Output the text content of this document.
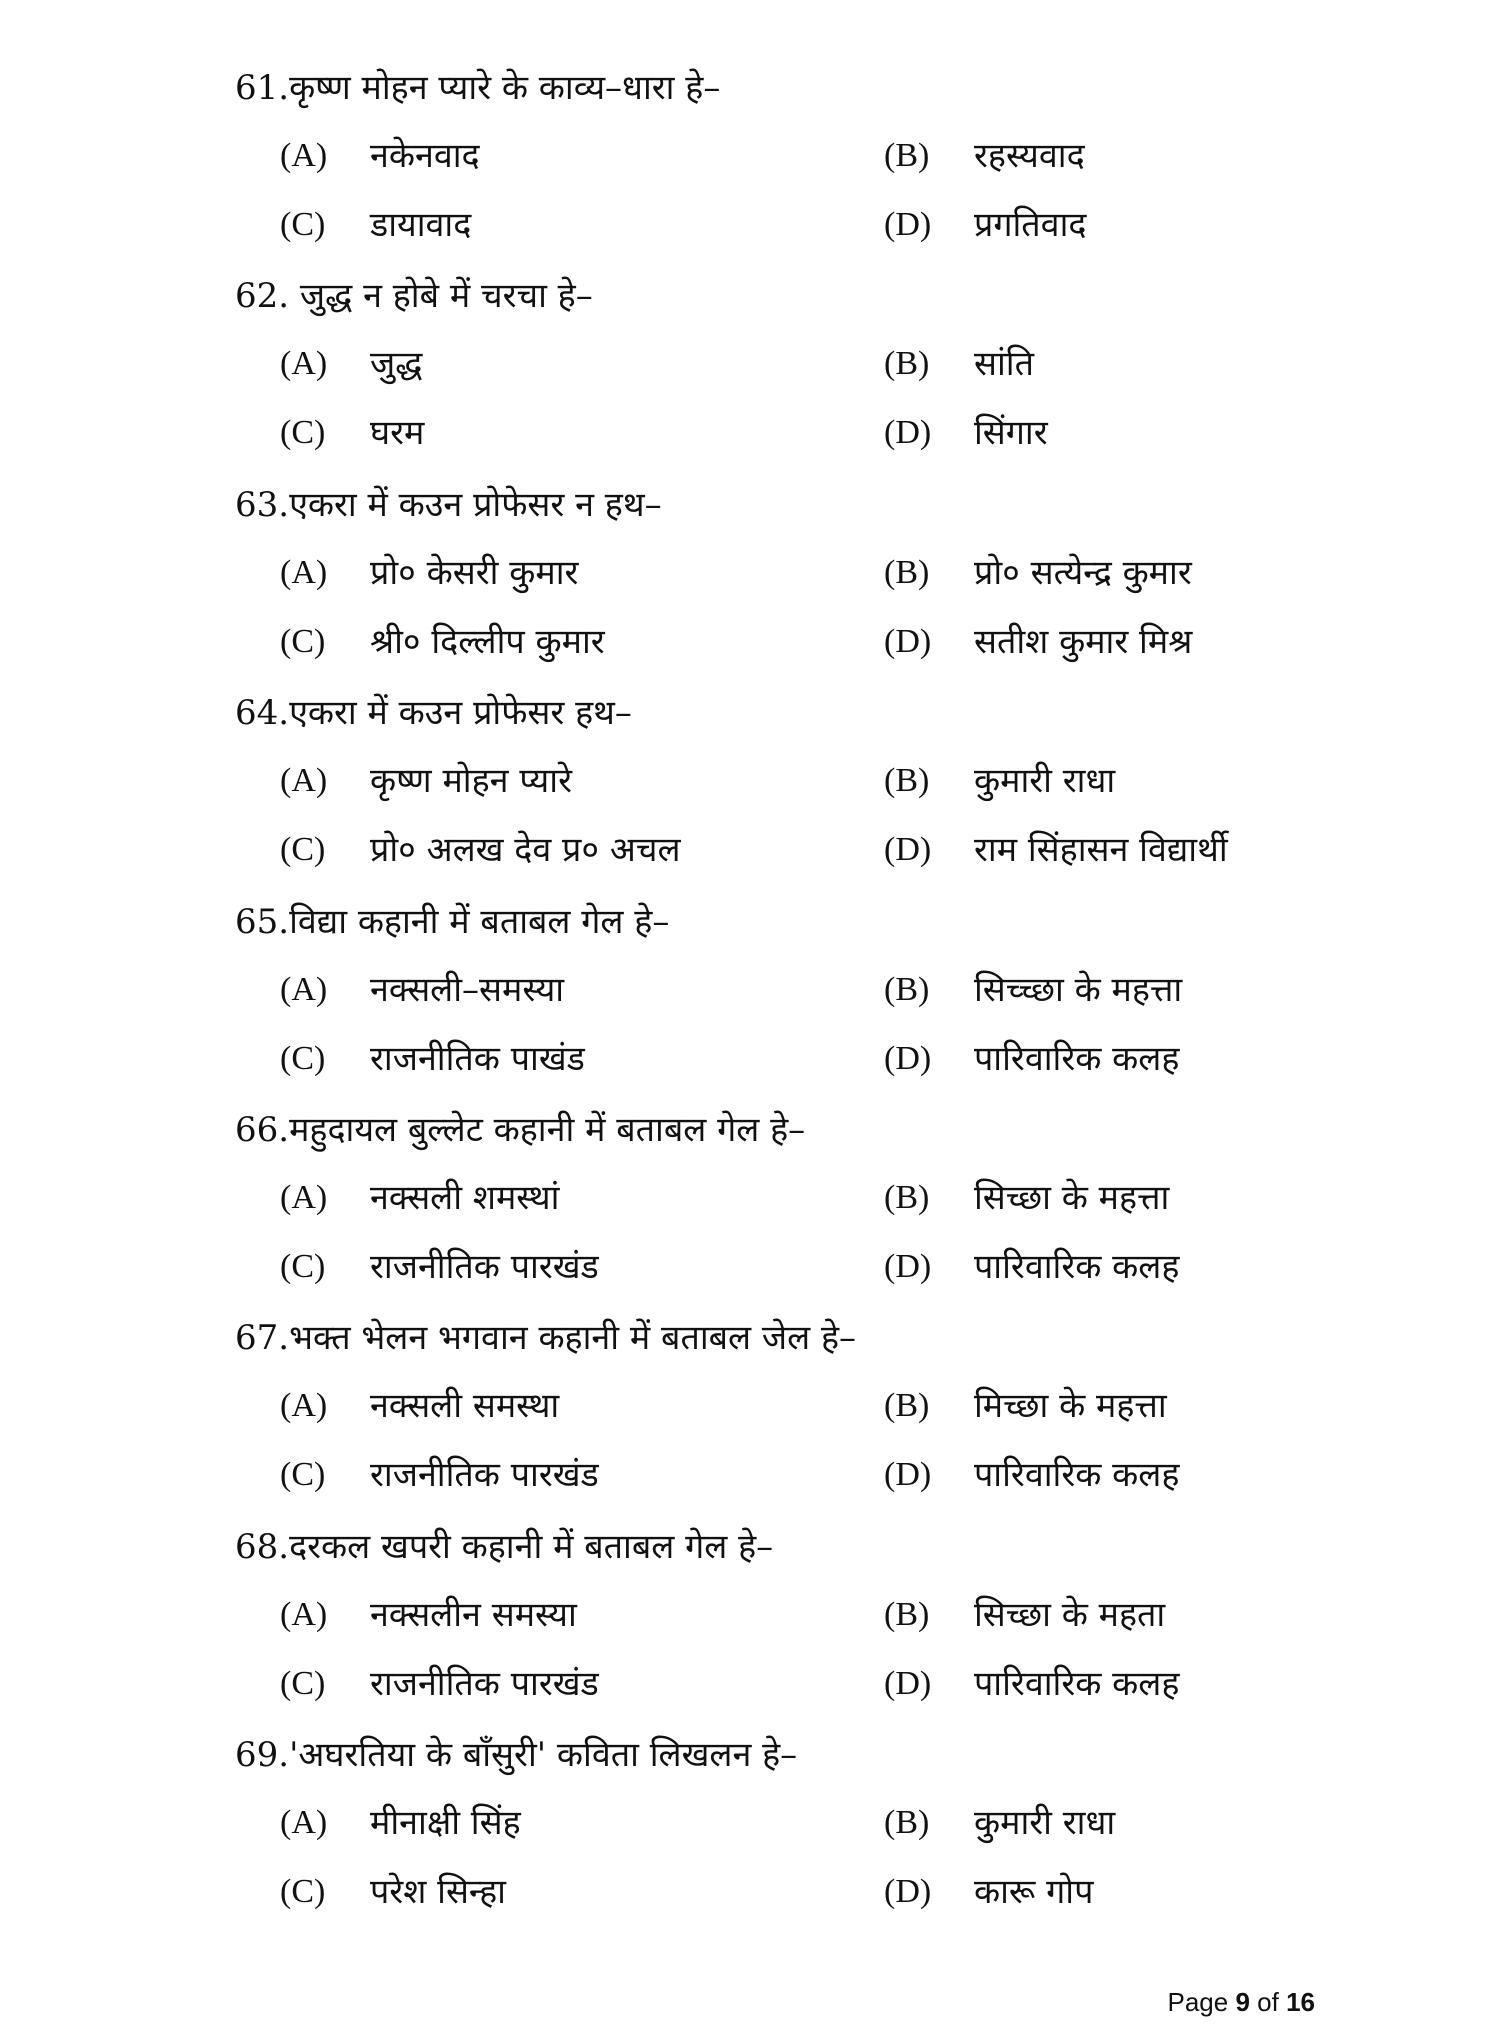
61.कृष्ण मोहन प्यारे के काव्य–धारा हे–
(A) नकेनवाद	(B) रहस्यवाद
(C) डायावाद	(D) प्रगतिवाद
62. जुद्ध न होबे में चरचा हे–
(A) जुद्ध	(B) सांति
(C) घरम	(D) सिंगार
63.एकरा में कउन प्रोफेसर न हथ–
(A) प्रो० केसरी कुमार	(B) प्रो० सत्येन्द्र कुमार
(C) श्री० दिल्लीप कुमार	(D) सतीश कुमार मिश्र
64.एकरा में कउन प्रोफेसर हथ–
(A) कृष्ण मोहन प्यारे	(B) कुमारी राधा
(C) प्रो० अलख देव प्र० अचल	(D) राम सिंहासन विद्यार्थी
65.विद्या कहानी में बताबल गेल हे–
(A) नक्सली–समस्या	(B) सिच्च्छा के महत्ता
(C) राजनीतिक पाखंड	(D) पारिवारिक कलह
66.महुदायल बुल्लेट कहानी में बताबल गेल हे–
(A) नक्सली शमस्थां	(B) सिच्छा के महत्ता
(C) राजनीतिक पारखंड	(D) पारिवारिक कलह
67.भक्त भेलन भगवान कहानी में बताबल जेल हे–
(A) नक्सली समस्था	(B) मिच्छा के महत्ता
(C) राजनीतिक पारखंड	(D) पारिवारिक कलह
68.दरकल खपरी कहानी में बताबल गेल हे–
(A) नक्सलीन समस्या	(B) सिच्छा के महता
(C) राजनीतिक पारखंड	(D) पारिवारिक कलह
69.'अघरतिया के बाँसुरी' कविता लिखलन हे–
(A) मीनाक्षी सिंह	(B) कुमारी राधा
(C) परेश सिन्हा	(D) कारू गोप
Page 9 of 16
